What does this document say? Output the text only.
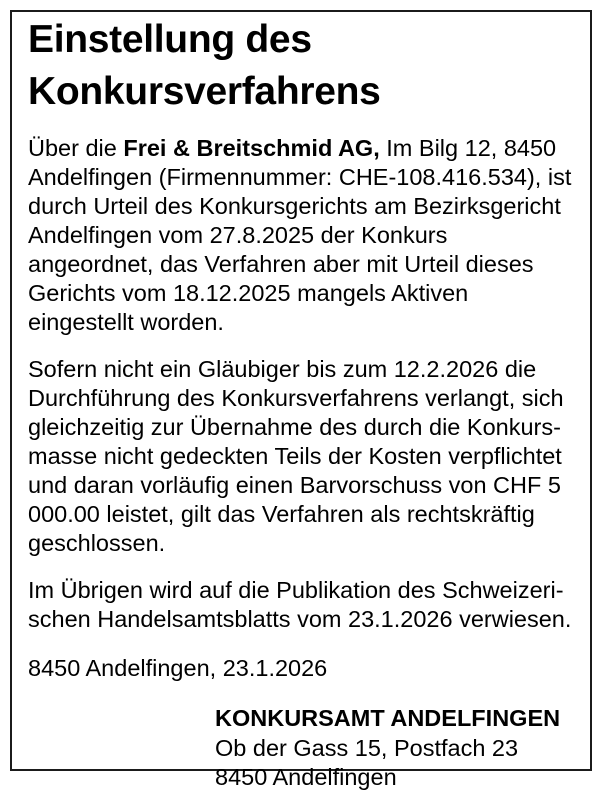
Einstellung des Konkursverfahrens

Über die Frei & Breitschmid AG, Im Bilg 12, 8450 Andelfingen (Firmennummer: CHE-108.416.534), ist durch Urteil des Konkursgerichts am Bezirksgericht Andelfingen vom 27.8.2025 der Konkurs angeordnet, das Verfahren aber mit Urteil dieses Gerichts vom 18.12.2025 mangels Aktiven eingestellt worden.

Sofern nicht ein Gläubiger bis zum 12.2.2026 die Durchführung des Konkursverfahrens verlangt, sich gleichzeitig zur Übernahme des durch die Konkursmasse nicht gedeckten Teils der Kosten verpflichtet und daran vorläufig einen Barvorschuss von CHF 5 000.00 leistet, gilt das Verfahren als rechtskräftig geschlossen.

Im Übrigen wird auf die Publikation des Schweizerischen Handelsamtsblatts vom 23.1.2026 verwiesen.

8450 Andelfingen, 23.1.2026

KONKURSAMT ANDELFINGEN
Ob der Gass 15, Postfach 23
8450 Andelfingen
